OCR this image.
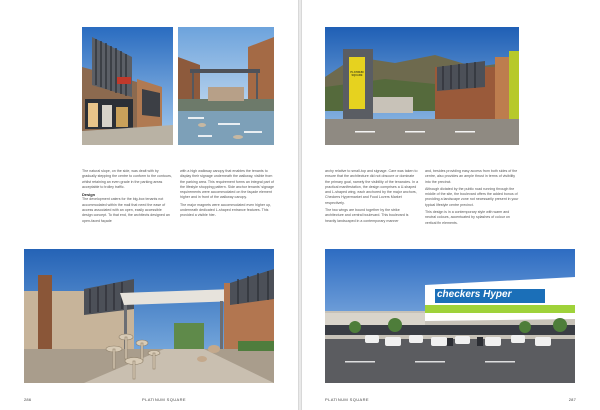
The natural slope, on the side, was dealt with by gradually stepping the centre to conform to the contours, whilst retaining an even grade in the parking areas acceptable to trolley traffic.

Design

The development caters for the big-box tenants not accommodated within the mall that need the ease of access associated with an open, easily accessible design concept. To that end, the architects designed an open-faced façade

with a high walkway canopy that enables the tenants to display their signage underneath the walkway, visible from the parking area. This requirement forms an integral part of the lifestyle shopping pattern. Side anchor tenants' signage requirements were accommodated on the façade element higher and in front of the walkway canopy.

The major magnets were accommodated even higher up, underneath dedicated L-shaped entrance features. This provided a visible hier-

286	PLATINUM SQUARE
PLATINUM SQUARE

archy relative to small-top and signage. Care was taken to ensure that the architecture did not obscure or dominate the primary goal, namely the visibility of the tenancies. In a practical manifestation, the design comprises a U-shaped and L-shaped wing, each anchored by the major anchors, Checkers Hypermarket and Food Lovers Market respectively.

The two wings are bound together by the strike architecture and central boulevard. This boulevard is heavily landscaped in a contemporary manner

and, besides providing easy access from both sides of the centre, also provides an ample thrust in terms of visibility into the precinct.

Although dictated by the public road running through the middle of the site, the boulevard offers the added bonus of providing a landscape zone not necessarily present in your typical lifestyle centre precinct.

This design is in a contemporary style with warm and neutral colours, accentuated by splashes of colour on vertical fin elements.

checkers Hyper
PLATINUM SQUARE	287
